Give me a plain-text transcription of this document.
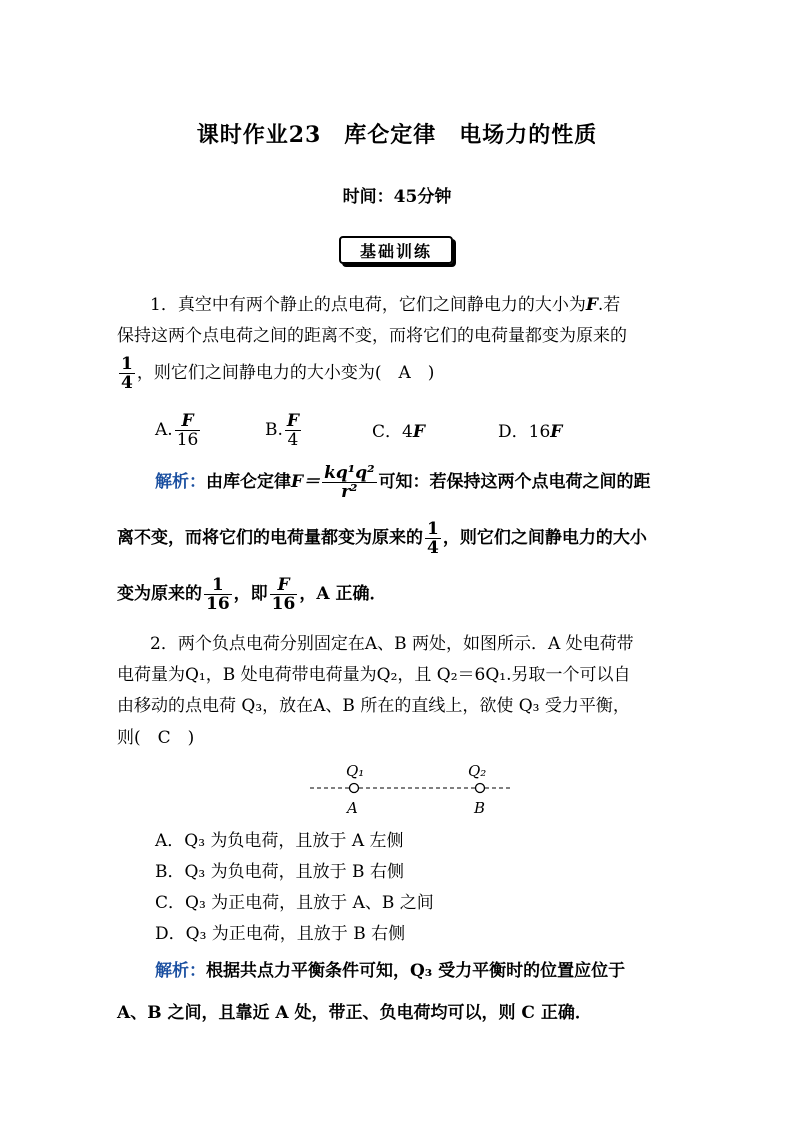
课时作业23　库仑定律　电场力的性质
时间：45分钟
基础训练
1．真空中有两个静止的点电荷，它们之间静电力的大小为F.若
保持这两个点电荷之间的距离不变，而将它们的电荷量都变为原来的
$\frac{1}{4}$ ，则它们之间静电力的大小变为(　A　)
A. $\frac{F}{16}$	B. $\frac{F}{4}$	C．4F	D．16F
解析：由库仑定律$F= \frac{\text{kq¹q²}}{\text{r²}}$ 可知：若保持这两个点电荷之间的距
离不变，而将它们的电荷量都变为原来的 $\frac{1}{4}$ ，则它们之间静电力的大小
变为原来的 $\frac{1}{16}$ ，即 $\frac{F}{16}$ ，A 正确．
2．两个负点电荷分别固定在A、B 两处，如图所示．A 处电荷带
电荷量为Q₁，B 处电荷带电荷量为Q₂，且 Q₂＝6Q₁.另取一个可以自
由移动的点电荷 Q₃，放在A、B 所在的直线上，欲使 Q₃ 受力平衡，
则(　C　)
Q₁	Q₂
A	B
A．Q₃ 为负电荷，且放于 A 左侧
B．Q₃ 为负电荷，且放于 B 右侧
C．Q₃ 为正电荷，且放于 A、B 之间
D．Q₃ 为正电荷，且放于 B 右侧
解析：根据共点力平衡条件可知，Q₃ 受力平衡时的位置应位于
A、B 之间，且靠近 A 处，带正、负电荷均可以，则 C 正确．
